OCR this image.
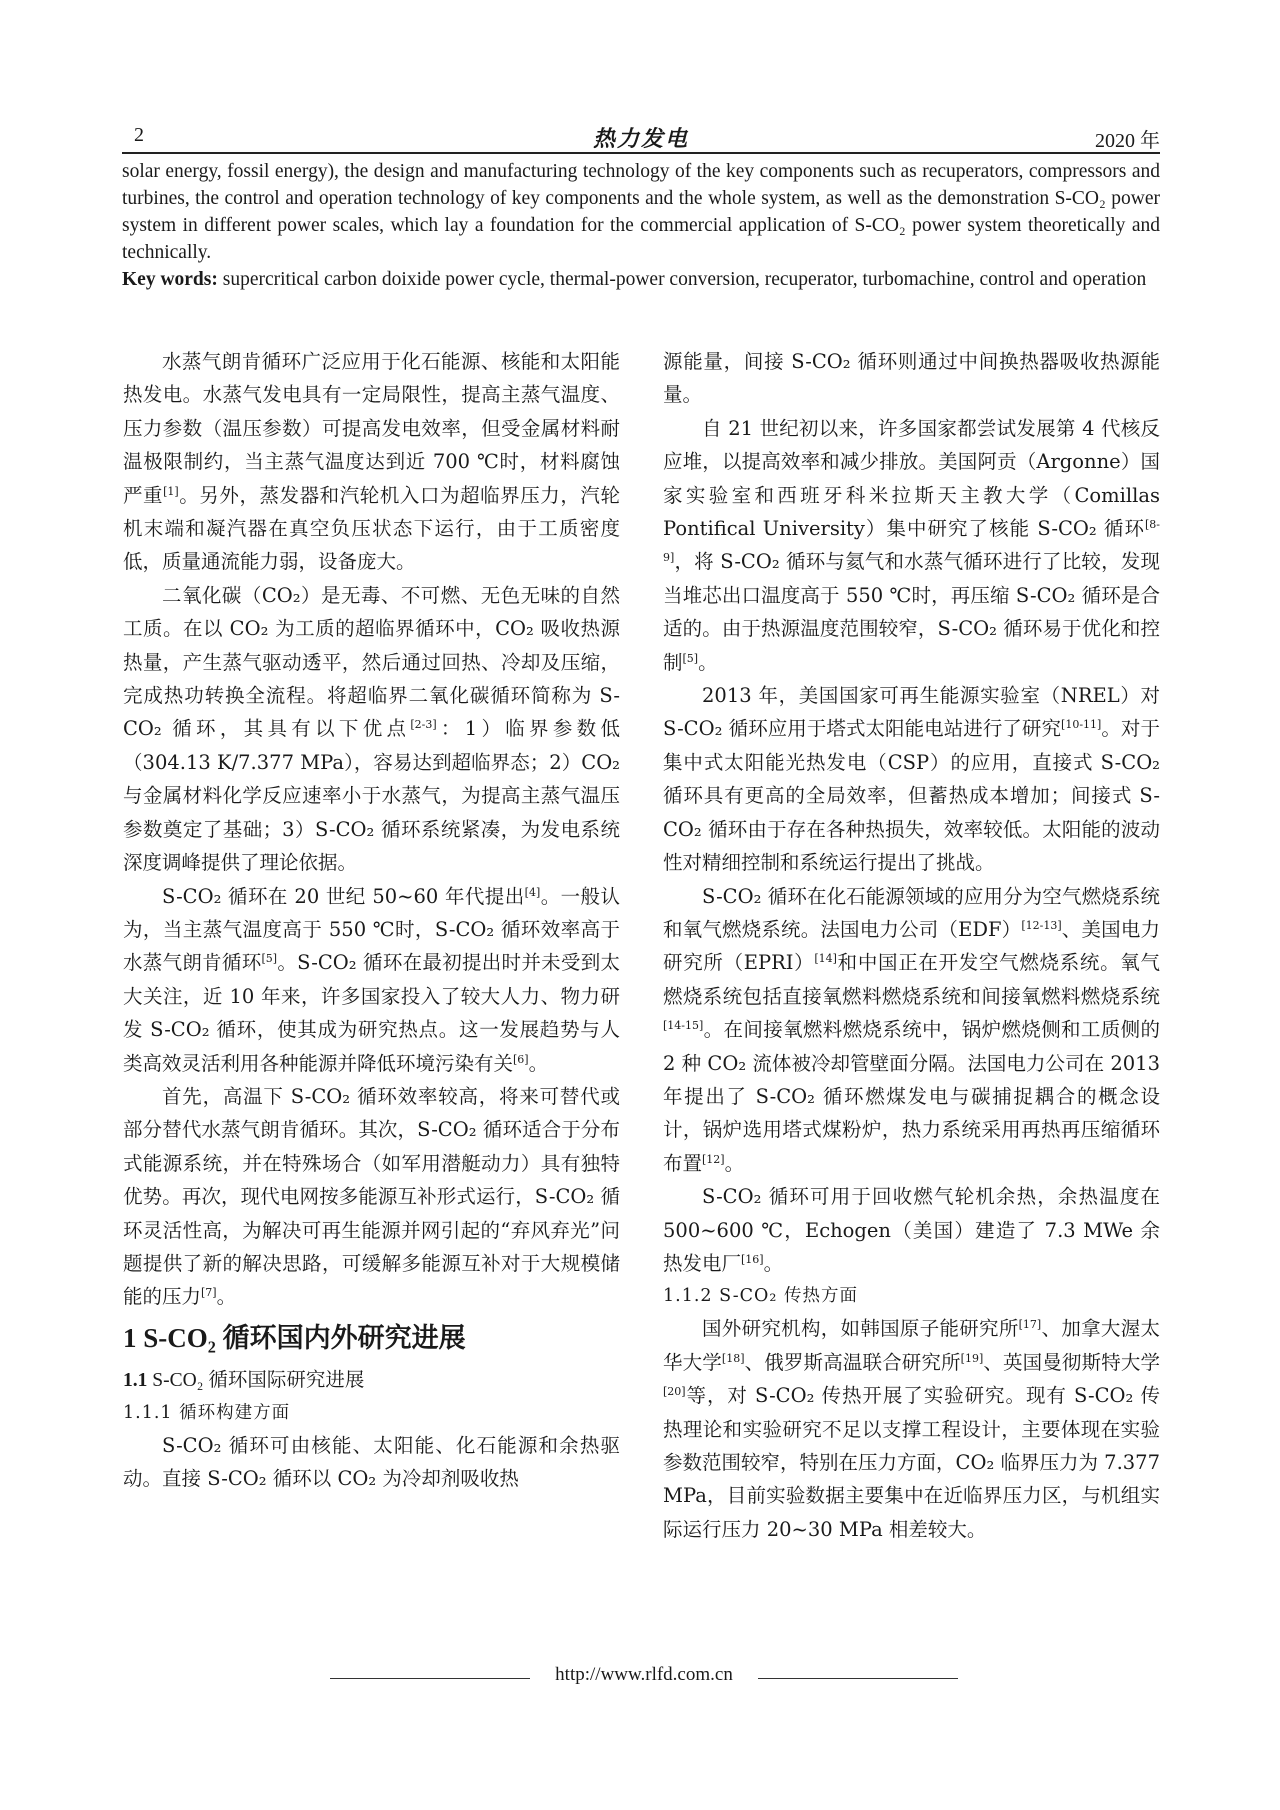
2	热力发电	2020 年

solar energy, fossil energy), the design and manufacturing technology of the key components such as recuperators, compressors and turbines, the control and operation technology of key components and the whole system, as well as the demonstration S-CO₂ power system in different power scales, which lay a foundation for the commercial application of S-CO₂ power system theoretically and technically.

Key words: supercritical carbon doixide power cycle, thermal-power conversion, recuperator, turbomachine, control and operation

水蒸气朗肯循环广泛应用于化石能源、核能和太阳能热发电。水蒸气发电具有一定局限性，提高主蒸气温度、压力参数（温压参数）可提高发电效率，但受金属材料耐温极限制约，当主蒸气温度达到近 700 ℃时，材料腐蚀严重[1]。另外，蒸发器和汽轮机入口为超临界压力，汽轮机末端和凝汽器在真空负压状态下运行，由于工质密度低，质量通流能力弱，设备庞大。

二氧化碳（CO₂）是无毒、不可燃、无色无味的自然工质。在以 CO₂ 为工质的超临界循环中，CO₂ 吸收热源热量，产生蒸气驱动透平，然后通过回热、冷却及压缩，完成热功转换全流程。将超临界二氧化碳循环简称为 S-CO₂ 循环，其具有以下优点[2-3]：1）临界参数低（304.13 K/7.377 MPa），容易达到超临界态；2）CO₂ 与金属材料化学反应速率小于水蒸气，为提高主蒸气温压参数奠定了基础；3）S-CO₂ 循环系统紧凑，为发电系统深度调峰提供了理论依据。

S-CO₂ 循环在 20 世纪 50~60 年代提出[4]。一般认为，当主蒸气温度高于 550 ℃时，S-CO₂ 循环效率高于水蒸气朗肯循环[5]。S-CO₂ 循环在最初提出时并未受到太大关注，近 10 年来，许多国家投入了较大人力、物力研发 S-CO₂ 循环，使其成为研究热点。这一发展趋势与人类高效灵活利用各种能源并降低环境污染有关[6]。

首先，高温下 S-CO₂ 循环效率较高，将来可替代或部分替代水蒸气朗肯循环。其次，S-CO₂ 循环适合于分布式能源系统，并在特殊场合（如军用潜艇动力）具有独特优势。再次，现代电网按多能源互补形式运行，S-CO₂ 循环灵活性高，为解决可再生能源并网引起的“弃风弃光”问题提供了新的解决思路，可缓解多能源互补对于大规模储能的压力[7]。

1 S-CO₂ 循环国内外研究进展

1.1 S-CO₂ 循环国际研究进展

1.1.1 循环构建方面

S-CO₂ 循环可由核能、太阳能、化石能源和余热驱动。直接 S-CO₂ 循环以 CO₂ 为冷却剂吸收热

源能量，间接 S-CO₂ 循环则通过中间换热器吸收热源能量。

自 21 世纪初以来，许多国家都尝试发展第 4 代核反应堆，以提高效率和减少排放。美国阿贡（Argonne）国家实验室和西班牙科米拉斯天主教大学（Comillas Pontifical University）集中研究了核能 S-CO₂ 循环[8-9]，将 S-CO₂ 循环与氦气和水蒸气循环进行了比较，发现当堆芯出口温度高于 550 ℃时，再压缩 S-CO₂ 循环是合适的。由于热源温度范围较窄，S-CO₂ 循环易于优化和控制[5]。

2013 年，美国国家可再生能源实验室（NREL）对 S-CO₂ 循环应用于塔式太阳能电站进行了研究[10-11]。对于集中式太阳能光热发电（CSP）的应用，直接式 S-CO₂ 循环具有更高的全局效率，但蓄热成本增加；间接式 S-CO₂ 循环由于存在各种热损失，效率较低。太阳能的波动性对精细控制和系统运行提出了挑战。

S-CO₂ 循环在化石能源领域的应用分为空气燃烧系统和氧气燃烧系统。法国电力公司（EDF）[12-13]、美国电力研究所（EPRI）[14]和中国正在开发空气燃烧系统。氧气燃烧系统包括直接氧燃料燃烧系统和间接氧燃料燃烧系统[14-15]。在间接氧燃料燃烧系统中，锅炉燃烧侧和工质侧的 2 种 CO₂ 流体被冷却管壁面分隔。法国电力公司在 2013 年提出了 S-CO₂ 循环燃煤发电与碳捕捉耦合的概念设计，锅炉选用塔式煤粉炉，热力系统采用再热再压缩循环布置[12]。

S-CO₂ 循环可用于回收燃气轮机余热，余热温度在 500~600 ℃，Echogen（美国）建造了 7.3 MWe 余热发电厂[16]。

1.1.2 S-CO₂ 传热方面

国外研究机构，如韩国原子能研究所[17]、加拿大渥太华大学[18]、俄罗斯高温联合研究所[19]、英国曼彻斯特大学[20]等，对 S-CO₂ 传热开展了实验研究。现有 S-CO₂ 传热理论和实验研究不足以支撑工程设计，主要体现在实验参数范围较窄，特别在压力方面，CO₂ 临界压力为 7.377 MPa，目前实验数据主要集中在近临界压力区，与机组实际运行压力 20~30 MPa 相差较大。

http://www.rlfd.com.cn
